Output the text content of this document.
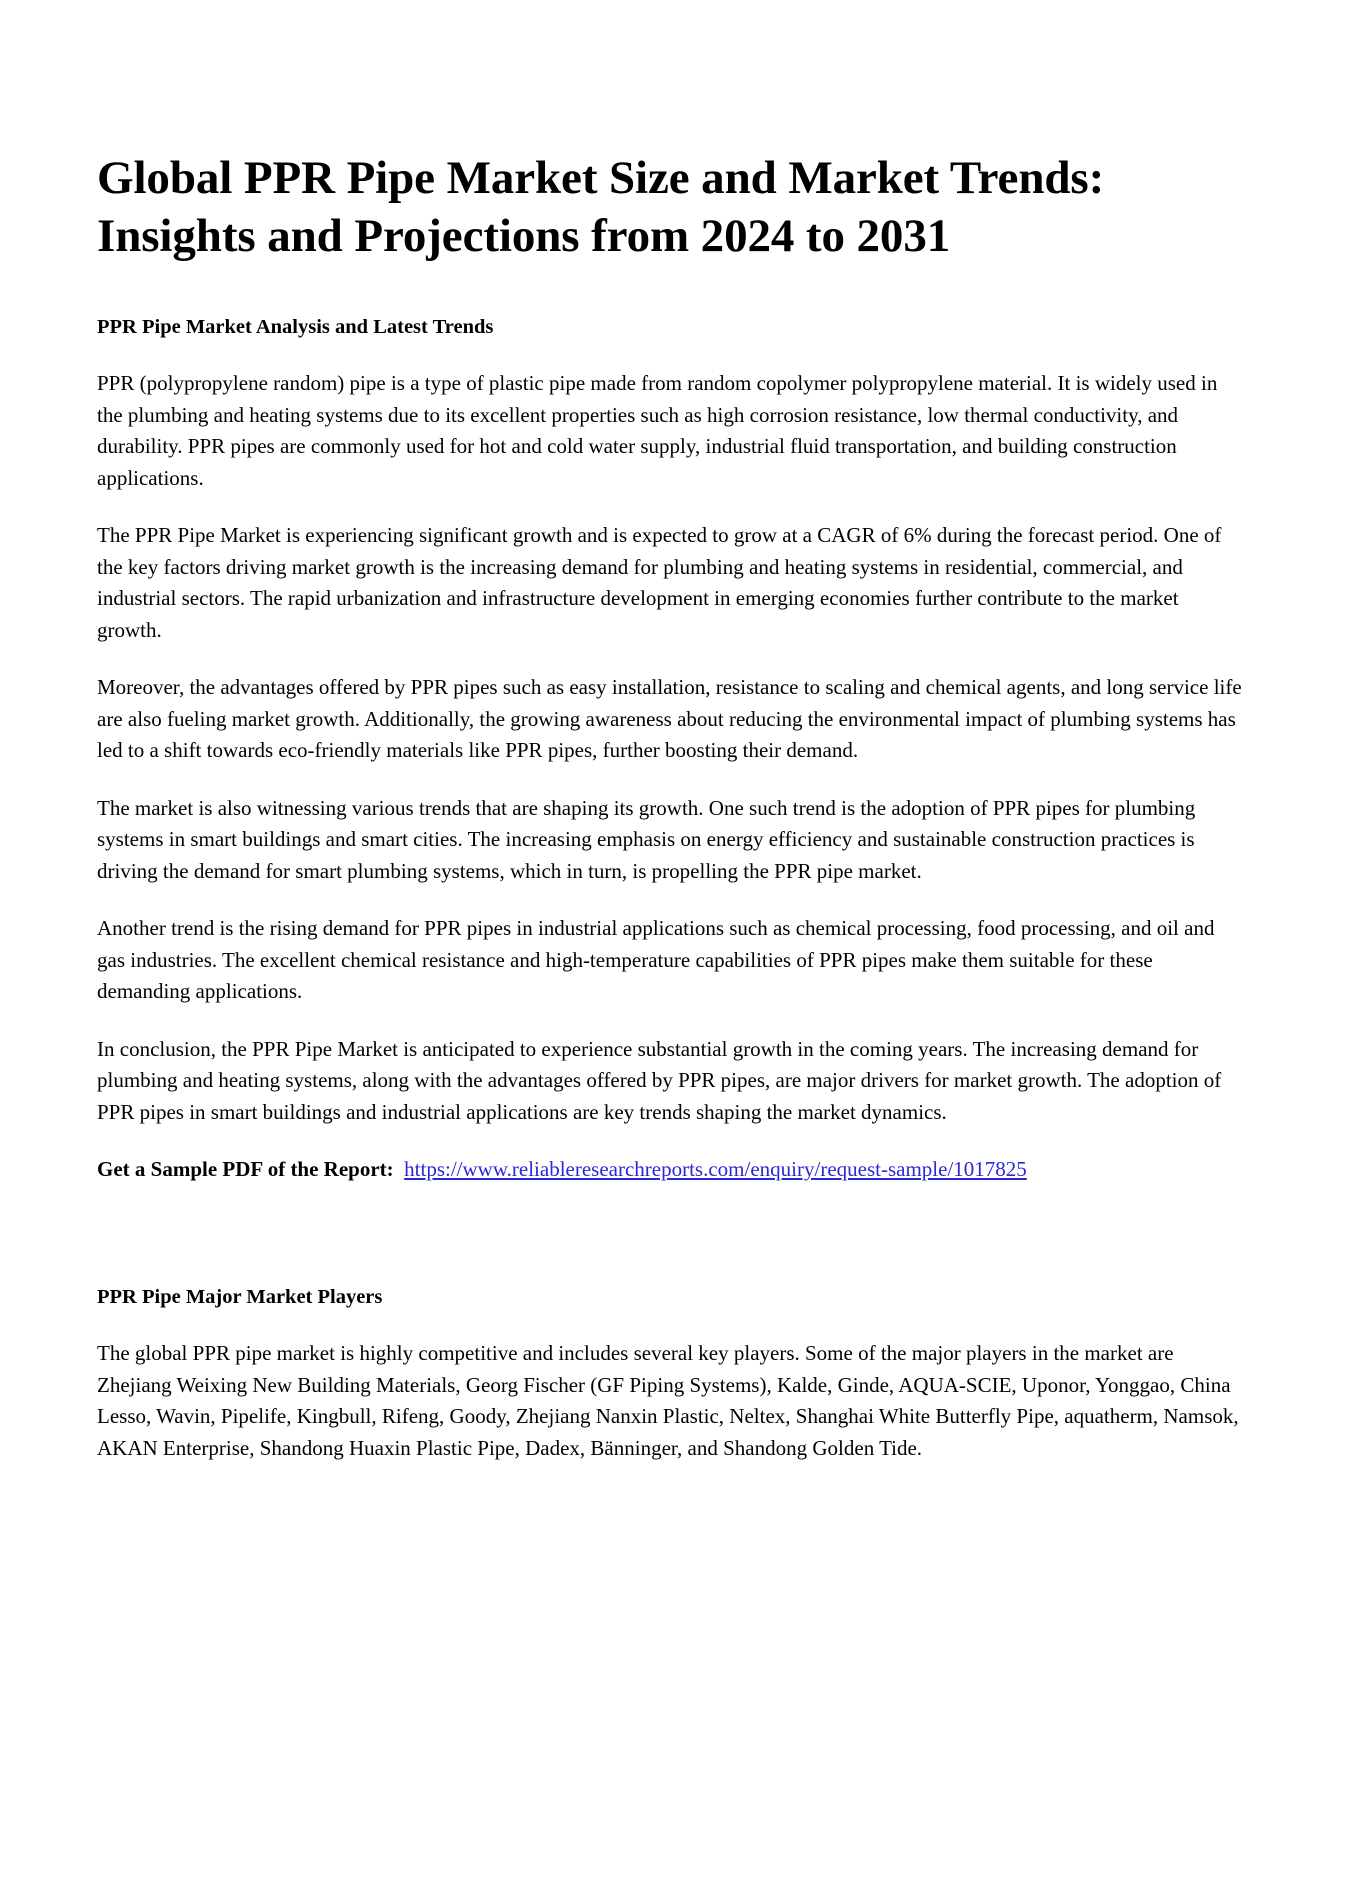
Global PPR Pipe Market Size and Market Trends: Insights and Projections from 2024 to 2031
PPR Pipe Market Analysis and Latest Trends

PPR (polypropylene random) pipe is a type of plastic pipe made from random copolymer polypropylene material. It is widely used in the plumbing and heating systems due to its excellent properties such as high corrosion resistance, low thermal conductivity, and durability. PPR pipes are commonly used for hot and cold water supply, industrial fluid transportation, and building construction applications.

The PPR Pipe Market is experiencing significant growth and is expected to grow at a CAGR of 6% during the forecast period. One of the key factors driving market growth is the increasing demand for plumbing and heating systems in residential, commercial, and industrial sectors. The rapid urbanization and infrastructure development in emerging economies further contribute to the market growth.

Moreover, the advantages offered by PPR pipes such as easy installation, resistance to scaling and chemical agents, and long service life are also fueling market growth. Additionally, the growing awareness about reducing the environmental impact of plumbing systems has led to a shift towards eco-friendly materials like PPR pipes, further boosting their demand.

The market is also witnessing various trends that are shaping its growth. One such trend is the adoption of PPR pipes for plumbing systems in smart buildings and smart cities. The increasing emphasis on energy efficiency and sustainable construction practices is driving the demand for smart plumbing systems, which in turn, is propelling the PPR pipe market.

Another trend is the rising demand for PPR pipes in industrial applications such as chemical processing, food processing, and oil and gas industries. The excellent chemical resistance and high-temperature capabilities of PPR pipes make them suitable for these demanding applications.

In conclusion, the PPR Pipe Market is anticipated to experience substantial growth in the coming years. The increasing demand for plumbing and heating systems, along with the advantages offered by PPR pipes, are major drivers for market growth. The adoption of PPR pipes in smart buildings and industrial applications are key trends shaping the market dynamics.

Get a Sample PDF of the Report: https://www.reliableresearchreports.com/enquiry/request-sample/1017825

PPR Pipe Major Market Players

The global PPR pipe market is highly competitive and includes several key players. Some of the major players in the market are Zhejiang Weixing New Building Materials, Georg Fischer (GF Piping Systems), Kalde, Ginde, AQUA-SCIE, Uponor, Yonggao, China Lesso, Wavin, Pipelife, Kingbull, Rifeng, Goody, Zhejiang Nanxin Plastic, Neltex, Shanghai White Butterfly Pipe, aquatherm, Namsok, AKAN Enterprise, Shandong Huaxin Plastic Pipe, Dadex, Bänninger, and Shandong Golden Tide.
